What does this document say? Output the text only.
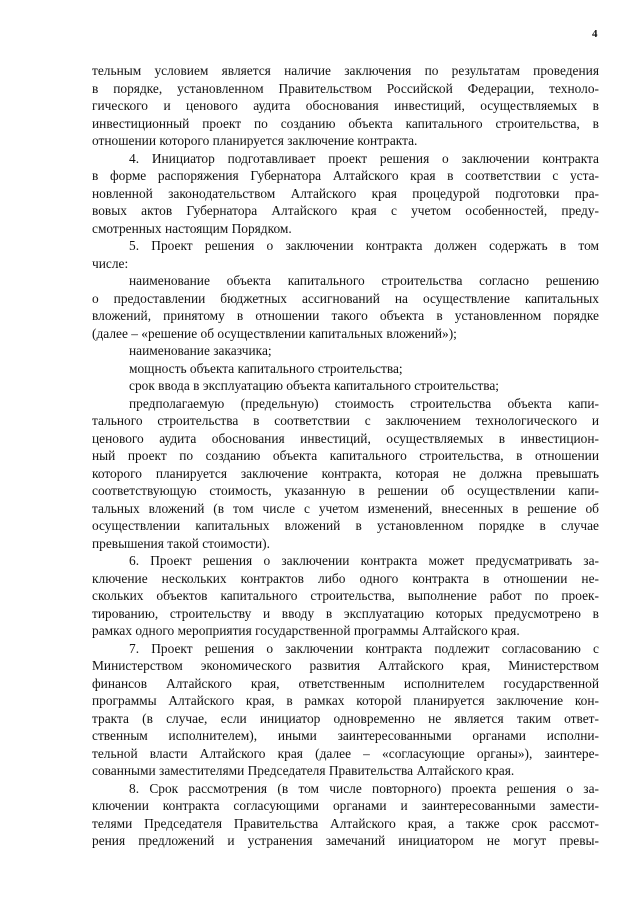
4
тельным условием является наличие заключения по результатам проведения
в порядке, установленном Правительством Российской Федерации, техноло-
гического и ценового аудита обоснования инвестиций, осуществляемых в
инвестиционный проект по созданию объекта капитального строительства, в
отношении которого планируется заключение контракта.
4. Инициатор подготавливает проект решения о заключении контракта
в форме распоряжения Губернатора Алтайского края в соответствии с уста-
новленной законодательством Алтайского края процедурой подготовки пра-
вовых актов Губернатора Алтайского края с учетом особенностей, преду-
смотренных настоящим Порядком.
5. Проект решения о заключении контракта должен содержать в том
числе:
наименование объекта капитального строительства согласно решению
о предоставлении бюджетных ассигнований на осуществление капитальных
вложений, принятому в отношении такого объекта в установленном порядке
(далее – «решение об осуществлении капитальных вложений»);
наименование заказчика;
мощность объекта капитального строительства;
срок ввода в эксплуатацию объекта капитального строительства;
предполагаемую (предельную) стоимость строительства объекта капи-
тального строительства в соответствии с заключением технологического и
ценового аудита обоснования инвестиций, осуществляемых в инвестицион-
ный проект по созданию объекта капитального строительства, в отношении
которого планируется заключение контракта, которая не должна превышать
соответствующую стоимость, указанную в решении об осуществлении капи-
тальных вложений (в том числе с учетом изменений, внесенных в решение об
осуществлении капитальных вложений в установленном порядке в случае
превышения такой стоимости).
6. Проект решения о заключении контракта может предусматривать за-
ключение нескольких контрактов либо одного контракта в отношении не-
скольких объектов капитального строительства, выполнение работ по проек-
тированию, строительству и вводу в эксплуатацию которых предусмотрено в
рамках одного мероприятия государственной программы Алтайского края.
7. Проект решения о заключении контракта подлежит согласованию с
Министерством экономического развития Алтайского края, Министерством
финансов Алтайского края, ответственным исполнителем государственной
программы Алтайского края, в рамках которой планируется заключение кон-
тракта (в случае, если инициатор одновременно не является таким ответ-
ственным исполнителем), иными заинтересованными органами исполни-
тельной власти Алтайского края (далее – «согласующие органы»), заинтере-
сованными заместителями Председателя Правительства Алтайского края.
8. Срок рассмотрения (в том числе повторного) проекта решения о за-
ключении контракта согласующими органами и заинтересованными замести-
телями Председателя Правительства Алтайского края, а также срок рассмот-
рения предложений и устранения замечаний инициатором не могут превы-
